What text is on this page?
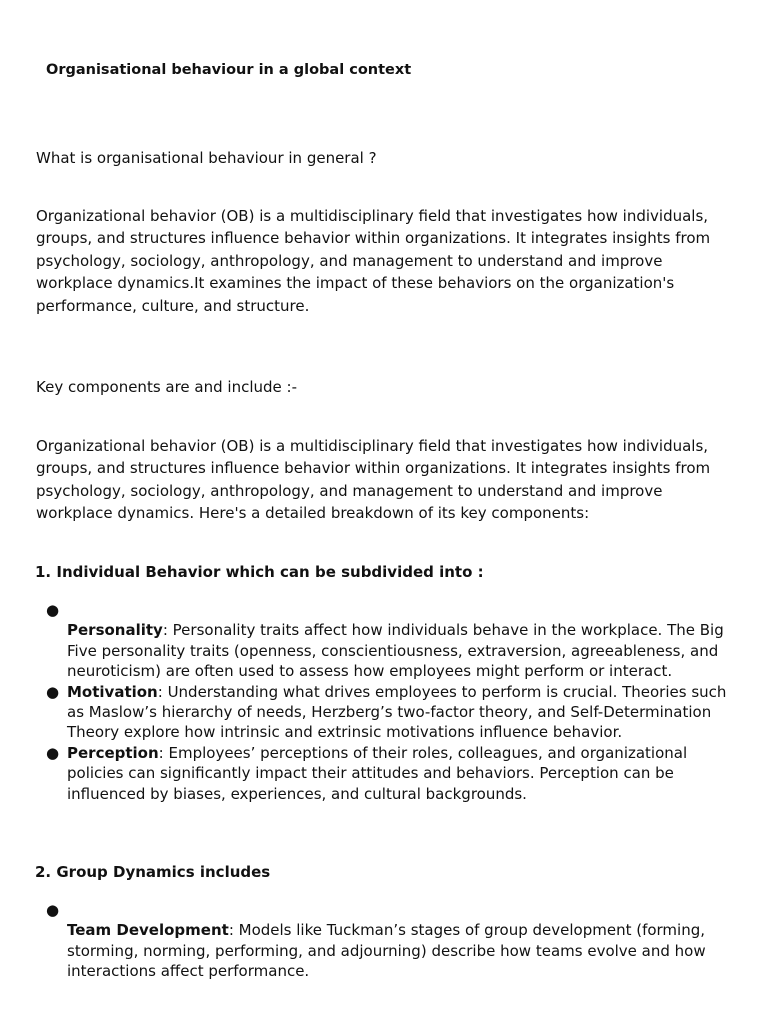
Organisational behaviour in a global context

What is organisational behaviour in general ?

Organizational behavior (OB) is a multidisciplinary field that investigates how individuals, groups, and structures influence behavior within organizations. It integrates insights from psychology, sociology, anthropology, and management to understand and improve workplace dynamics.It examines the impact of these behaviors on the organization's performance, culture, and structure.

Key components are and include :-

Organizational behavior (OB) is a multidisciplinary field that investigates how individuals, groups, and structures influence behavior within organizations. It integrates insights from psychology, sociology, anthropology, and management to understand and improve workplace dynamics. Here's a detailed breakdown of its key components:

1. Individual Behavior which can be subdivided into :
●
Personality: Personality traits affect how individuals behave in the workplace. The Big Five personality traits (openness, conscientiousness, extraversion, agreeableness, and neuroticism) are often used to assess how employees might perform or interact.
● Motivation: Understanding what drives employees to perform is crucial. Theories such as Maslow’s hierarchy of needs, Herzberg’s two-factor theory, and Self-Determination Theory explore how intrinsic and extrinsic motivations influence behavior.
● Perception: Employees’ perceptions of their roles, colleagues, and organizational policies can significantly impact their attitudes and behaviors. Perception can be influenced by biases, experiences, and cultural backgrounds.
2. Group Dynamics includes
●
Team Development: Models like Tuckman’s stages of group development (forming, storming, norming, performing, and adjourning) describe how teams evolve and how interactions affect performance.
